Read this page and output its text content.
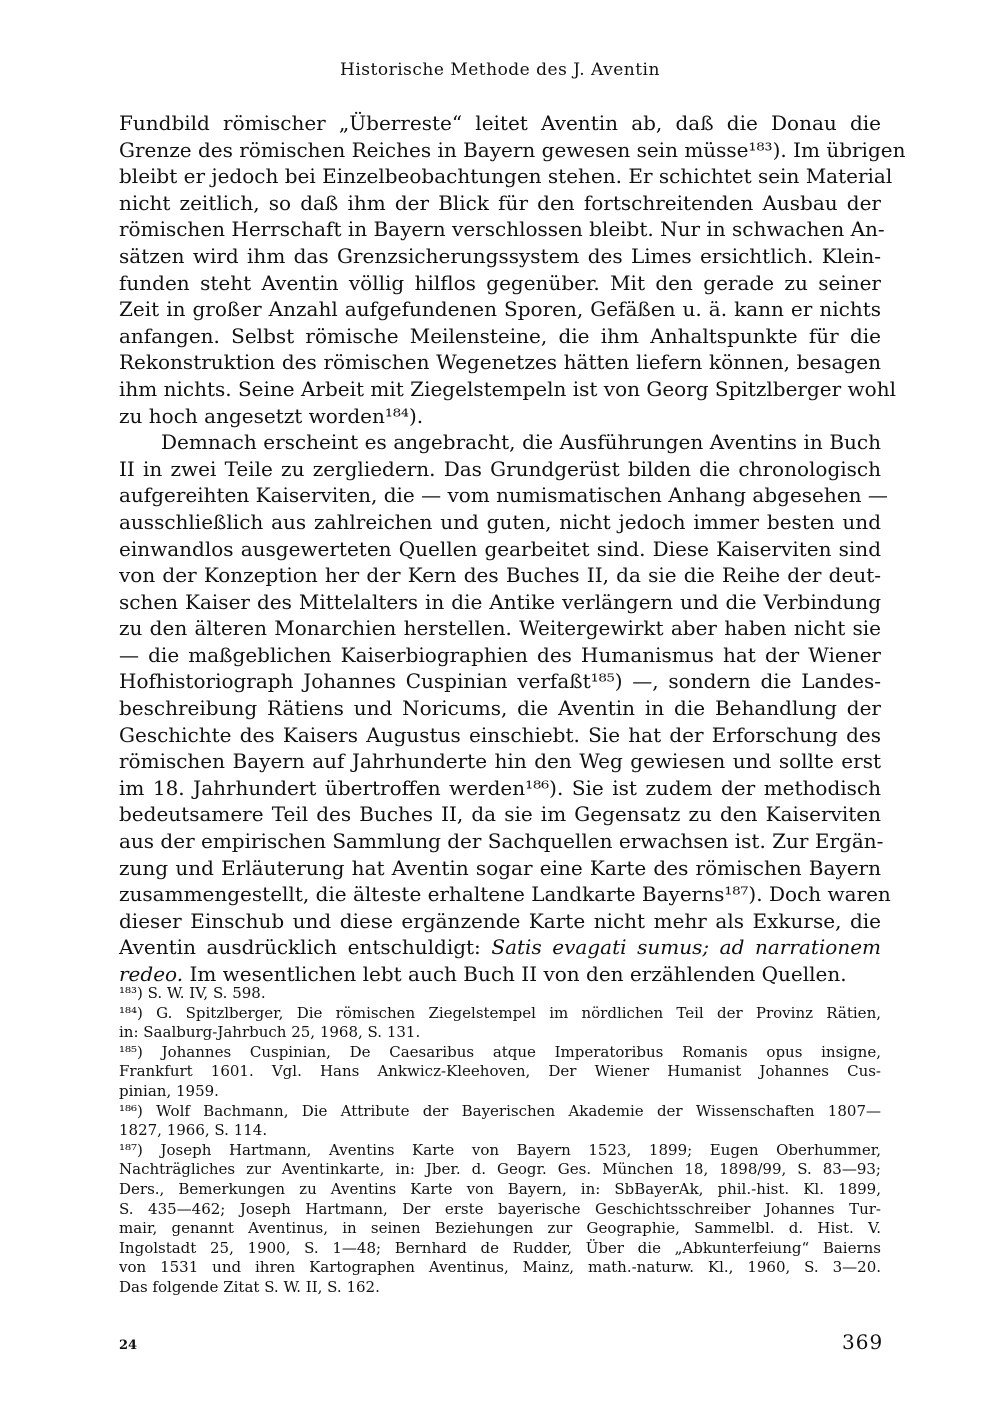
Historische Methode des J. Aventin
Fundbild römischer „Überreste“ leitet Aventin ab, daß die Donau die
Grenze des römischen Reiches in Bayern gewesen sein müsse¹⁸³). Im übrigen
bleibt er jedoch bei Einzelbeobachtungen stehen. Er schichtet sein Material
nicht zeitlich, so daß ihm der Blick für den fortschreitenden Ausbau der
römischen Herrschaft in Bayern verschlossen bleibt. Nur in schwachen An-
sätzen wird ihm das Grenzsicherungssystem des Limes ersichtlich. Klein-
funden steht Aventin völlig hilflos gegenüber. Mit den gerade zu seiner
Zeit in großer Anzahl aufgefundenen Sporen, Gefäßen u. ä. kann er nichts
anfangen. Selbst römische Meilensteine, die ihm Anhaltspunkte für die
Rekonstruktion des römischen Wegenetzes hätten liefern können, besagen
ihm nichts. Seine Arbeit mit Ziegelstempeln ist von Georg Spitzlberger wohl
zu hoch angesetzt worden¹⁸⁴).
Demnach erscheint es angebracht, die Ausführungen Aventins in Buch
II in zwei Teile zu zergliedern. Das Grundgerüst bilden die chronologisch
aufgereihten Kaiserviten, die — vom numismatischen Anhang abgesehen —
ausschließlich aus zahlreichen und guten, nicht jedoch immer besten und
einwandlos ausgewerteten Quellen gearbeitet sind. Diese Kaiserviten sind
von der Konzeption her der Kern des Buches II, da sie die Reihe der deut-
schen Kaiser des Mittelalters in die Antike verlängern und die Verbindung
zu den älteren Monarchien herstellen. Weitergewirkt aber haben nicht sie
— die maßgeblichen Kaiserbiographien des Humanismus hat der Wiener
Hofhistoriograph Johannes Cuspinian verfaßt¹⁸⁵) —, sondern die Landes-
beschreibung Rätiens und Noricums, die Aventin in die Behandlung der
Geschichte des Kaisers Augustus einschiebt. Sie hat der Erforschung des
römischen Bayern auf Jahrhunderte hin den Weg gewiesen und sollte erst
im 18. Jahrhundert übertroffen werden¹⁸⁶). Sie ist zudem der methodisch
bedeutsamere Teil des Buches II, da sie im Gegensatz zu den Kaiserviten
aus der empirischen Sammlung der Sachquellen erwachsen ist. Zur Ergän-
zung und Erläuterung hat Aventin sogar eine Karte des römischen Bayern
zusammengestellt, die älteste erhaltene Landkarte Bayerns¹⁸⁷). Doch waren
dieser Einschub und diese ergänzende Karte nicht mehr als Exkurse, die
Aventin ausdrücklich entschuldigt: Satis evagati sumus; ad narrationem
redeo. Im wesentlichen lebt auch Buch II von den erzählenden Quellen.
¹⁸³) S. W. IV, S. 598.
¹⁸⁴) G. Spitzlberger, Die römischen Ziegelstempel im nördlichen Teil der Provinz Rätien,
in: Saalburg-Jahrbuch 25, 1968, S. 131.
¹⁸⁵) Johannes Cuspinian, De Caesaribus atque Imperatoribus Romanis opus insigne,
Frankfurt 1601. Vgl. Hans Ankwicz-Kleehoven, Der Wiener Humanist Johannes Cus-
pinian, 1959.
¹⁸⁶) Wolf Bachmann, Die Attribute der Bayerischen Akademie der Wissenschaften 1807—
1827, 1966, S. 114.
¹⁸⁷) Joseph Hartmann, Aventins Karte von Bayern 1523, 1899; Eugen Oberhummer,
Nachträgliches zur Aventinkarte, in: Jber. d. Geogr. Ges. München 18, 1898/99, S. 83—93;
Ders., Bemerkungen zu Aventins Karte von Bayern, in: SbBayerAk, phil.-hist. Kl. 1899,
S. 435—462; Joseph Hartmann, Der erste bayerische Geschichtsschreiber Johannes Tur-
mair, genannt Aventinus, in seinen Beziehungen zur Geographie, Sammelbl. d. Hist. V.
Ingolstadt 25, 1900, S. 1—48; Bernhard de Rudder, Über die „Abkunterfeiung“ Baierns
von 1531 und ihren Kartographen Aventinus, Mainz, math.-naturw. Kl., 1960, S. 3—20.
Das folgende Zitat S. W. II, S. 162.
24	369
